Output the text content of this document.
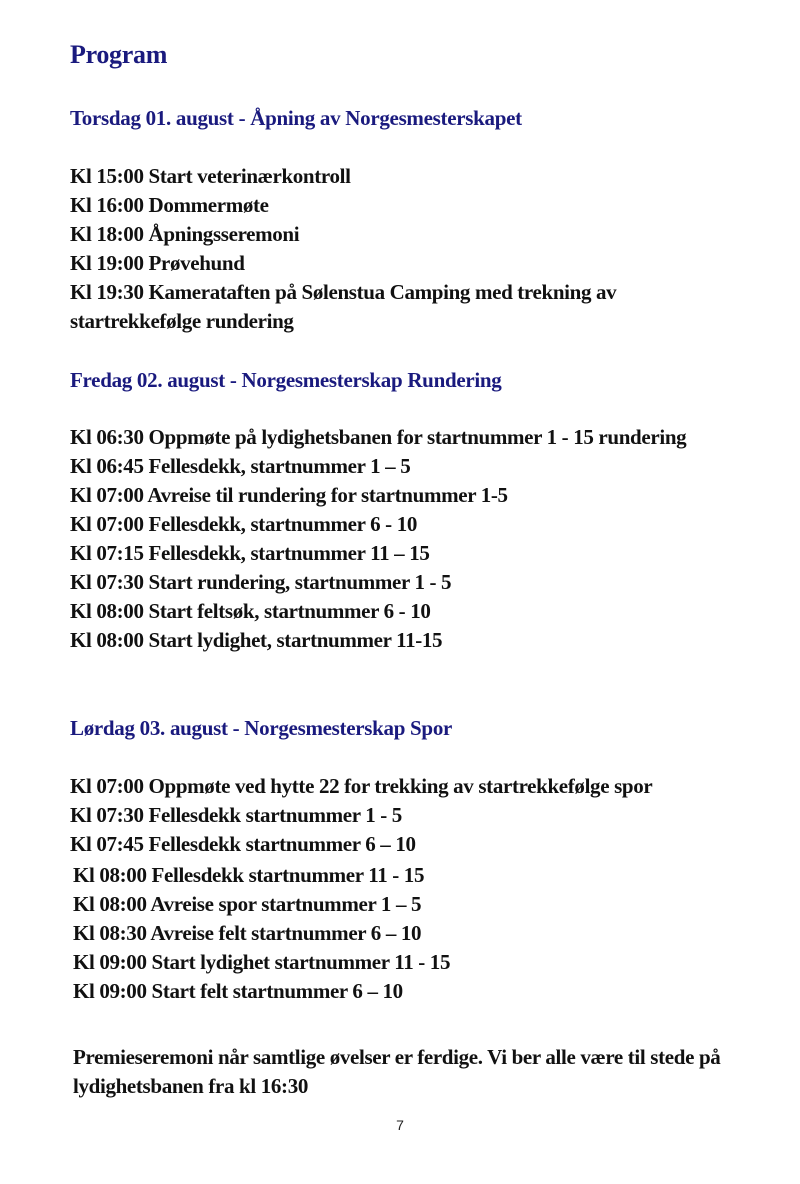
Program
Torsdag 01. august - Åpning av Norgesmesterskapet
Kl 15:00 Start veterinærkontroll
Kl 16:00 Dommermøte
Kl 18:00 Åpningsseremoni
Kl 19:00 Prøvehund
Kl 19:30 Kamerataften på Sølenstua Camping med trekning av startrekkefølge rundering
Fredag 02. august - Norgesmesterskap Rundering
Kl 06:30 Oppmøte på lydighetsbanen for startnummer 1 - 15 rundering
Kl 06:45 Fellesdekk, startnummer 1 – 5
Kl 07:00 Avreise til rundering for startnummer 1-5
Kl 07:00 Fellesdekk, startnummer 6 - 10
Kl 07:15 Fellesdekk, startnummer 11 – 15
Kl 07:30 Start rundering, startnummer 1 - 5
Kl 08:00 Start feltsøk, startnummer 6 - 10
Kl 08:00 Start lydighet, startnummer 11-15
Lørdag 03. august - Norgesmesterskap Spor
Kl 07:00 Oppmøte ved hytte 22 for trekking av startrekkefølge spor
Kl 07:30 Fellesdekk startnummer 1 - 5
Kl 07:45 Fellesdekk startnummer 6 – 10
Kl 08:00 Fellesdekk startnummer 11 - 15
Kl 08:00 Avreise spor startnummer 1 – 5
Kl 08:30 Avreise felt startnummer 6 – 10
Kl 09:00 Start lydighet startnummer 11 - 15
Kl 09:00 Start felt startnummer 6 – 10
Premieseremoni når samtlige øvelser er ferdige. Vi ber alle være til stede på lydighetsbanen fra kl 16:30
7
